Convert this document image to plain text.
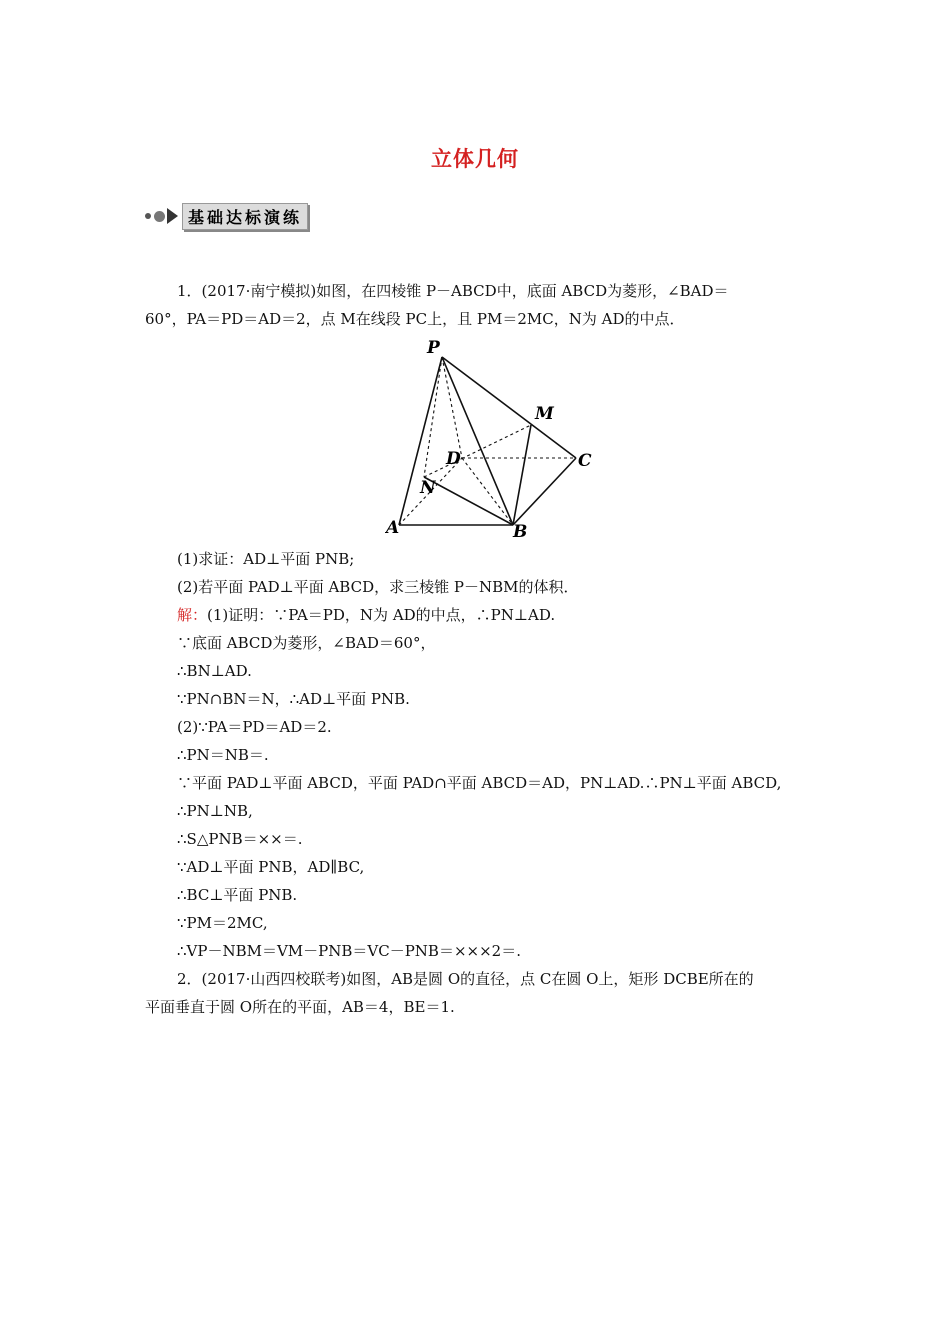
立体几何
基础达标演练

1．(2017·南宁模拟)如图，在四棱锥 P－ABCD中，底面 ABCD为菱形，∠BAD＝

60°，PA＝PD＝AD＝2，点 M在线段 PC上，且 PM＝2MC，N为 AD的中点．

P
M
D	C
N
A	B

(1)求证：AD⊥平面 PNB;

(2)若平面 PAD⊥平面 ABCD，求三棱锥 P－NBM的体积．

解：(1)证明：∵PA＝PD，N为 AD的中点，∴PN⊥AD.

∵底面 ABCD为菱形，∠BAD＝60°，

∴BN⊥AD.

∵PN∩BN＝N，∴AD⊥平面 PNB.

(2)∵PA＝PD＝AD＝2.

∴PN＝NB＝.

∵平面 PAD⊥平面 ABCD，平面 PAD∩平面 ABCD＝AD，PN⊥AD.∴PN⊥平面 ABCD,

∴PN⊥NB,

∴S△PNB＝××＝.

∵AD⊥平面 PNB，AD∥BC,

∴BC⊥平面 PNB.

∵PM＝2MC,

∴VP－NBM＝VM－PNB＝VC－PNB＝×××2＝.

2．(2017·山西四校联考)如图，AB是圆 O的直径，点 C在圆 O上，矩形 DCBE所在的

平面垂直于圆 O所在的平面，AB＝4，BE＝1.
